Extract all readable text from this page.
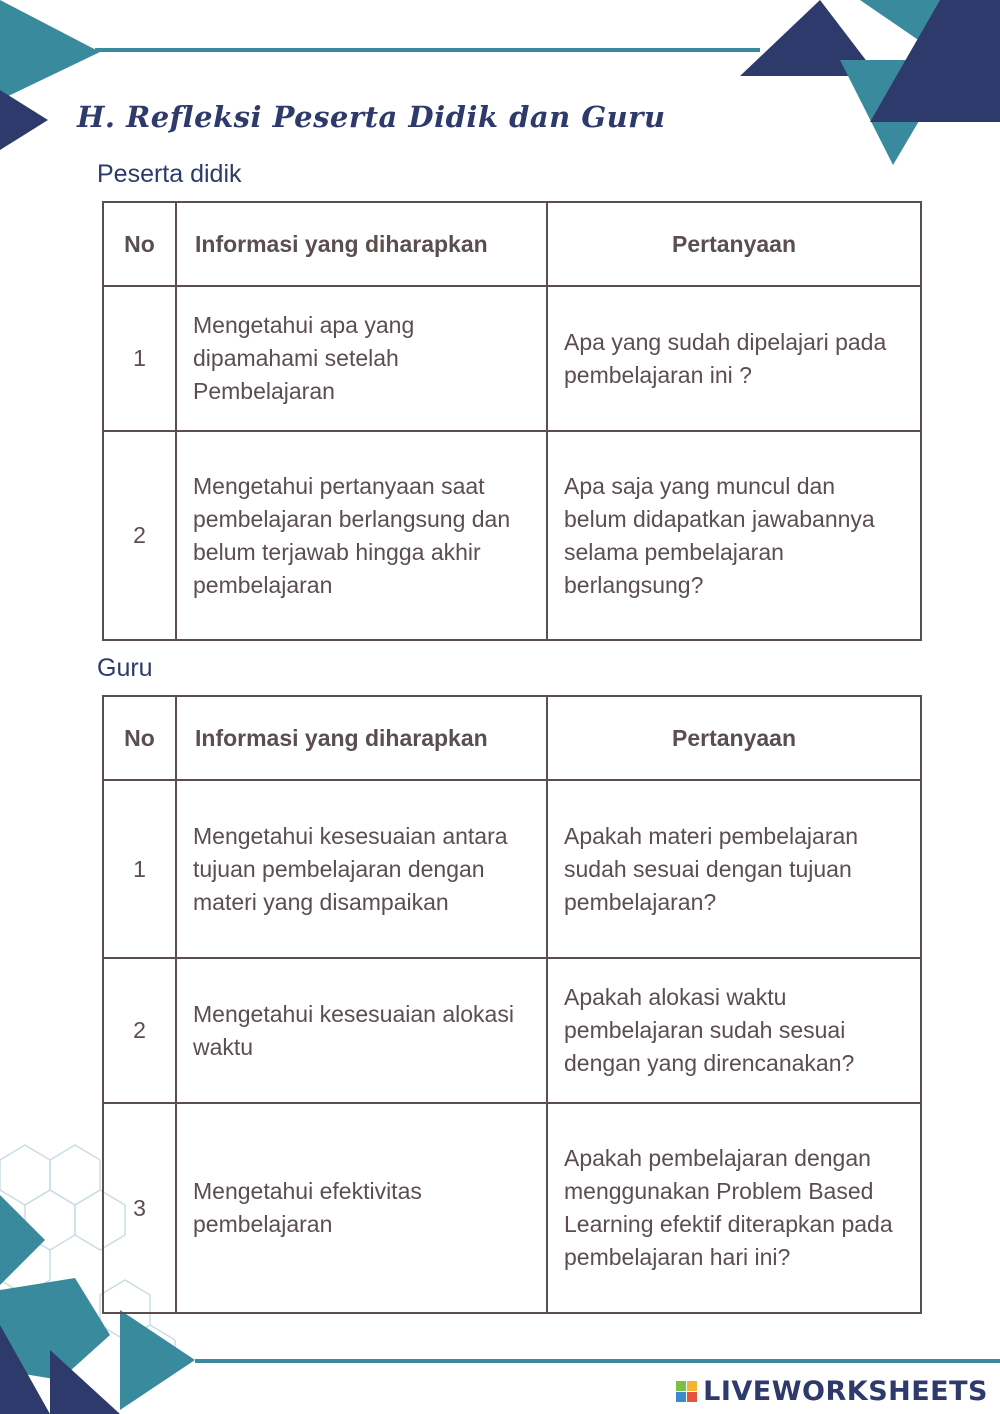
H. Refleksi Peserta Didik dan Guru
Peserta didik
No	Informasi yang diharapkan	Pertanyaan
1	Mengetahui apa yang dipamahami setelah Pembelajaran	Apa yang sudah dipelajari pada pembelajaran ini ?
2	Mengetahui pertanyaan saat pembelajaran berlangsung dan belum terjawab hingga akhir pembelajaran	Apa saja yang muncul dan belum didapatkan jawabannya selama pembelajaran berlangsung?
Guru
No	Informasi yang diharapkan	Pertanyaan
1	Mengetahui kesesuaian antara tujuan pembelajaran dengan materi yang disampaikan	Apakah materi pembelajaran sudah sesuai dengan tujuan pembelajaran?
2	Mengetahui kesesuaian alokasi waktu	Apakah alokasi waktu pembelajaran sudah sesuai dengan yang direncanakan?
3	Mengetahui efektivitas pembelajaran	Apakah pembelajaran dengan menggunakan Problem Based Learning efektif diterapkan pada pembelajaran hari ini?
LIVEWORKSHEETS
